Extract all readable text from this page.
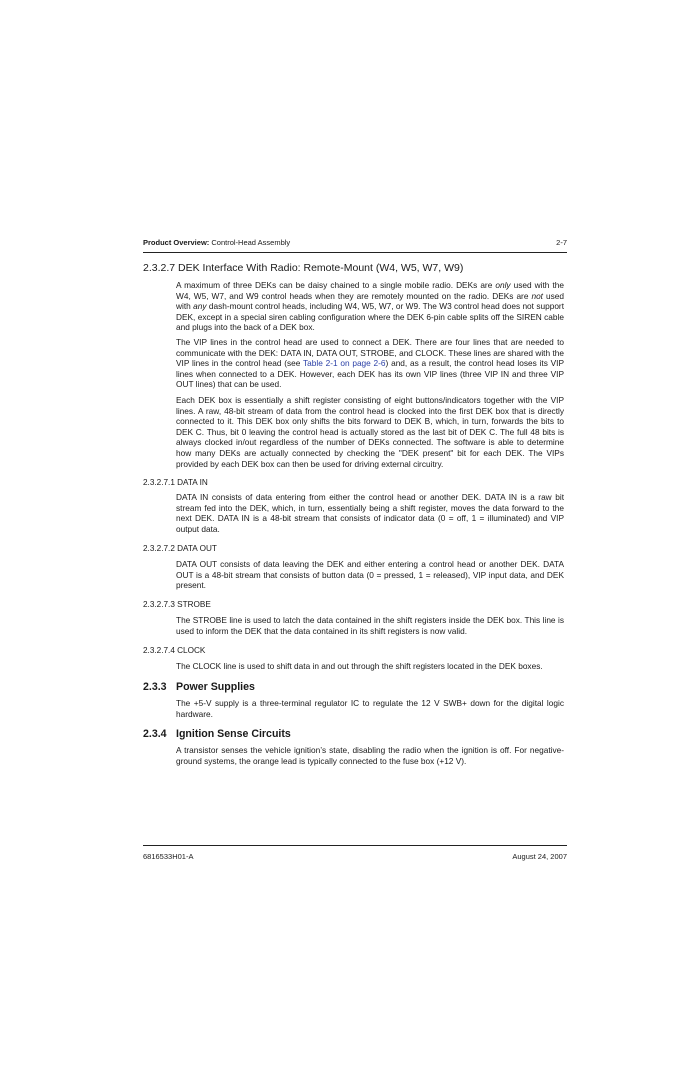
Product Overview: Control-Head Assembly	2-7
2.3.2.7 DEK Interface With Radio: Remote-Mount (W4, W5, W7, W9)

A maximum of three DEKs can be daisy chained to a single mobile radio. DEKs are only used with the W4, W5, W7, and W9 control heads when they are remotely mounted on the radio. DEKs are not used with any dash-mount control heads, including W4, W5, W7, or W9. The W3 control head does not support DEK, except in a special siren cabling configuration where the DEK 6-pin cable splits off the SIREN cable and plugs into the back of a DEK box.

The VIP lines in the control head are used to connect a DEK. There are four lines that are needed to communicate with the DEK: DATA IN, DATA OUT, STROBE, and CLOCK. These lines are shared with the VIP lines in the control head (see Table 2-1 on page 2-6) and, as a result, the control head loses its VIP lines when connected to a DEK. However, each DEK has its own VIP lines (three VIP IN and three VIP OUT lines) that can be used.

Each DEK box is essentially a shift register consisting of eight buttons/indicators together with the VIP lines. A raw, 48-bit stream of data from the control head is clocked into the first DEK box that is directly connected to it. This DEK box only shifts the bits forward to DEK B, which, in turn, forwards the bits to DEK C. Thus, bit 0 leaving the control head is actually stored as the last bit of DEK C. The full 48 bits is always clocked in/out regardless of the number of DEKs connected. The software is able to determine how many DEKs are actually connected by checking the "DEK present" bit for each DEK. The VIPs provided by each DEK box can then be used for driving external circuitry.

2.3.2.7.1 DATA IN

DATA IN consists of data entering from either the control head or another DEK. DATA IN is a raw bit stream fed into the DEK, which, in turn, essentially being a shift register, moves the data forward to the next DEK. DATA IN is a 48-bit stream that consists of indicator data (0 = off, 1 = illuminated) and VIP output data.

2.3.2.7.2 DATA OUT

DATA OUT consists of data leaving the DEK and either entering a control head or another DEK. DATA OUT is a 48-bit stream that consists of button data (0 = pressed, 1 = released), VIP input data, and DEK present.

2.3.2.7.3 STROBE

The STROBE line is used to latch the data contained in the shift registers inside the DEK box. This line is used to inform the DEK that the data contained in its shift registers is now valid.

2.3.2.7.4 CLOCK

The CLOCK line is used to shift data in and out through the shift registers located in the DEK boxes.

2.3.3 Power Supplies

The +5-V supply is a three-terminal regulator IC to regulate the 12 V SWB+ down for the digital logic hardware.

2.3.4 Ignition Sense Circuits

A transistor senses the vehicle ignition’s state, disabling the radio when the ignition is off. For negative-ground systems, the orange lead is typically connected to the fuse box (+12 V).

6816533H01-A	August 24, 2007
